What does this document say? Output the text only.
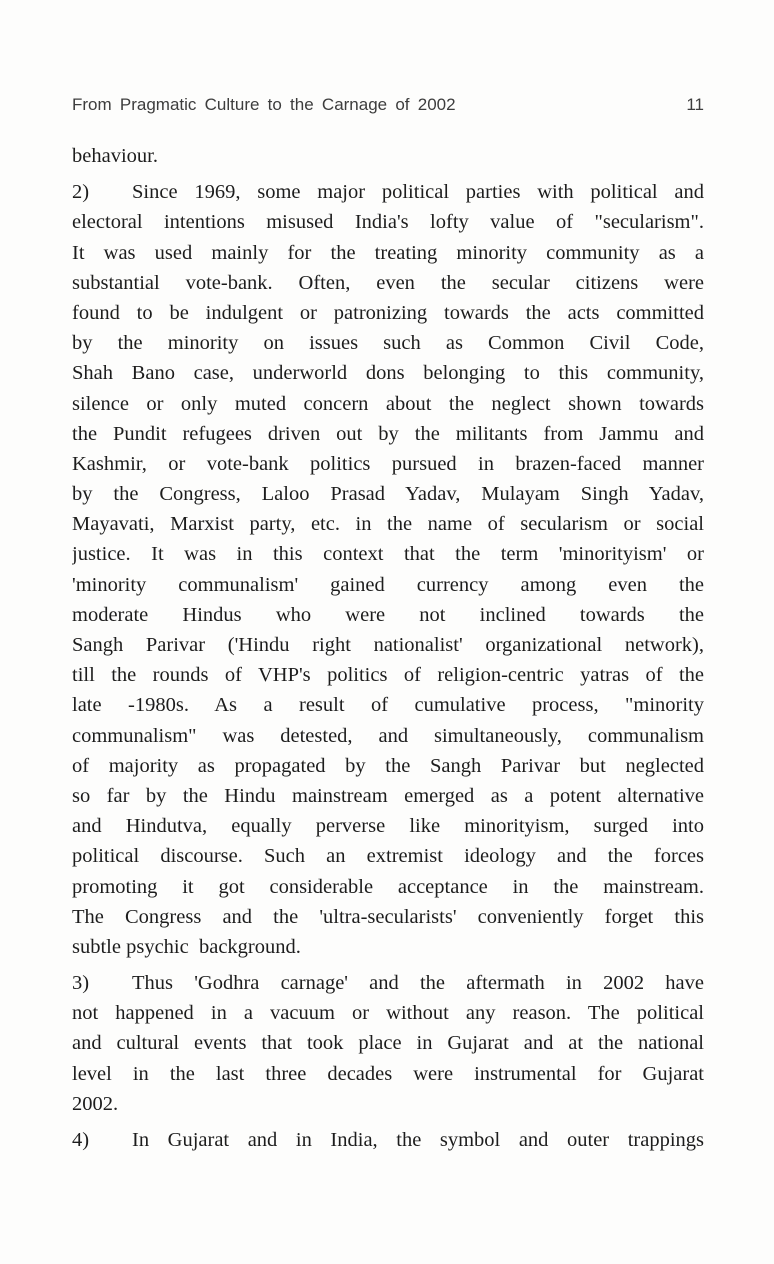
From Pragmatic Culture to the Carnage of 2002	11
behaviour.
2) Since 1969, some major political parties with political and
electoral intentions misused India's lofty value of "secularism".
It was used mainly for the treating minority community as a
substantial vote-bank. Often, even the secular citizens were
found to be indulgent or patronizing towards the acts committed
by the minority on issues such as Common Civil Code,
Shah Bano case, underworld dons belonging to this community,
silence or only muted concern about the neglect shown towards
the Pundit refugees driven out by the militants from Jammu and
Kashmir, or vote-bank politics pursued in brazen-faced manner
by the Congress, Laloo Prasad Yadav, Mulayam Singh Yadav,
Mayavati, Marxist party, etc. in the name of secularism or social
justice. It was in this context that the term 'minorityism' or
'minority communalism' gained currency among even the
moderate Hindus who were not inclined towards the
Sangh Parivar ('Hindu right nationalist' organizational network),
till the rounds of VHP's politics of religion-centric yatras of the
late -1980s. As a result of cumulative process, "minority
communalism" was detested, and simultaneously, communalism
of majority as propagated by the Sangh Parivar but neglected
so far by the Hindu mainstream emerged as a potent alternative
and Hindutva, equally perverse like minorityism, surged into
political discourse. Such an extremist ideology and the forces
promoting it got considerable acceptance in the mainstream.
The Congress and the 'ultra-secularists' conveniently forget this
subtle psychic  background.
3) Thus 'Godhra carnage' and the aftermath in 2002 have
not happened in a vacuum or without any reason. The political
and cultural events that took place in Gujarat and at the national
level in the last three decades were instrumental for Gujarat
2002.
4) In Gujarat and in India, the symbol and outer trappings
